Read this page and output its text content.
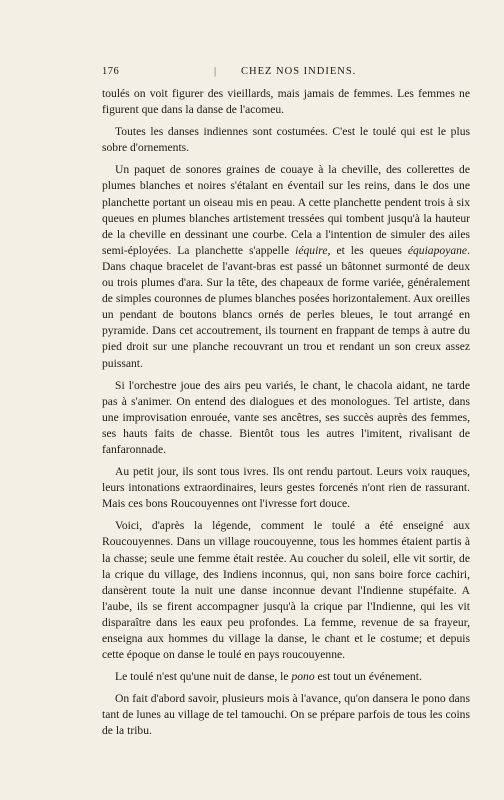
176	| CHEZ NOS INDIENS.

toulés on voit figurer des vieillards, mais jamais de femmes. Les femmes ne figurent que dans la danse de l'acomeu.

Toutes les danses indiennes sont costumées. C'est le toulé qui est le plus sobre d'ornements.

Un paquet de sonores graines de couaye à la cheville, des collerettes de plumes blanches et noires s'étalant en éventail sur les reins, dans le dos une planchette portant un oiseau mis en peau. A cette planchette pendent trois à six queues en plumes blanches artistement tressées qui tombent jusqu'à la hauteur de la cheville en dessinant une courbe. Cela a l'intention de simuler des ailes semi-éployées. La planchette s'appelle iéquire, et les queues équiapoyane. Dans chaque bracelet de l'avant-bras est passé un bâtonnet surmonté de deux ou trois plumes d'ara. Sur la tête, des chapeaux de forme variée, généralement de simples couronnes de plumes blanches posées horizontalement. Aux oreilles un pendant de boutons blancs ornés de perles bleues, le tout arrangé en pyramide. Dans cet accoutrement, ils tournent en frappant de temps à autre du pied droit sur une planche recouvrant un trou et rendant un son creux assez puissant.

Si l'orchestre joue des airs peu variés, le chant, le chacola aidant, ne tarde pas à s'animer. On entend des dialogues et des monologues. Tel artiste, dans une improvisation enrouée, vante ses ancêtres, ses succès auprès des femmes, ses hauts faits de chasse. Bientôt tous les autres l'imitent, rivalisant de fanfaronnade.

Au petit jour, ils sont tous ivres. Ils ont rendu partout. Leurs voix rauques, leurs intonations extraordinaires, leurs gestes forcenés n'ont rien de rassurant. Mais ces bons Roucouyennes ont l'ivresse fort douce.

Voici, d'après la légende, comment le toulé a été enseigné aux Roucouyennes. Dans un village roucouyenne, tous les hommes étaient partis à la chasse; seule une femme était restée. Au coucher du soleil, elle vit sortir, de la crique du village, des Indiens inconnus, qui, non sans boire force cachiri, dansèrent toute la nuit une danse inconnue devant l'Indienne stupéfaite. A l'aube, ils se firent accompagner jusqu'à la crique par l'Indienne, qui les vit disparaître dans les eaux peu profondes. La femme, revenue de sa frayeur, enseigna aux hommes du village la danse, le chant et le costume; et depuis cette époque on danse le toulé en pays roucouyenne.

Le toulé n'est qu'une nuit de danse, le pono est tout un événement.

On fait d'abord savoir, plusieurs mois à l'avance, qu'on dansera le pono dans tant de lunes au village de tel tamouchi. On se prépare parfois de tous les coins de la tribu.
